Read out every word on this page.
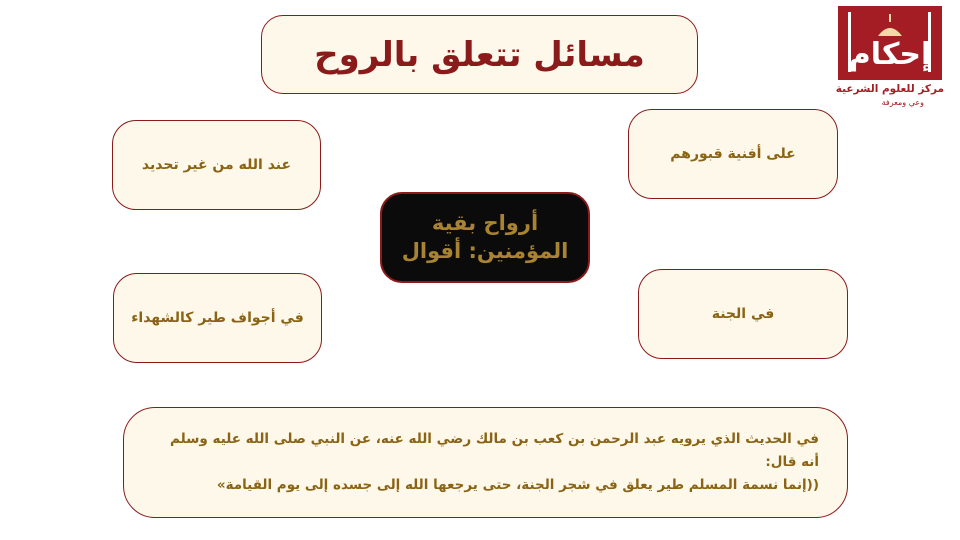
مسائل تتعلق بالروح
أرواح بقية
المؤمنين: أقوال
عند الله من غير تحديد
على أفنية قبورهم
في أجواف طير كالشهداء	في الجنة
في الحديث الذي يرويه عبد الرحمن بن كعب بن مالك رضي الله عنه، عن النبي صلى الله عليه وسلم أنه قال:
((إنما نسمة المسلم طير يعلق في شجر الجنة، حتى يرجعها الله إلى جسده إلى يوم القيامة»
إحكام
مركز للعلوم الشرعية
وعي ومعرفة
